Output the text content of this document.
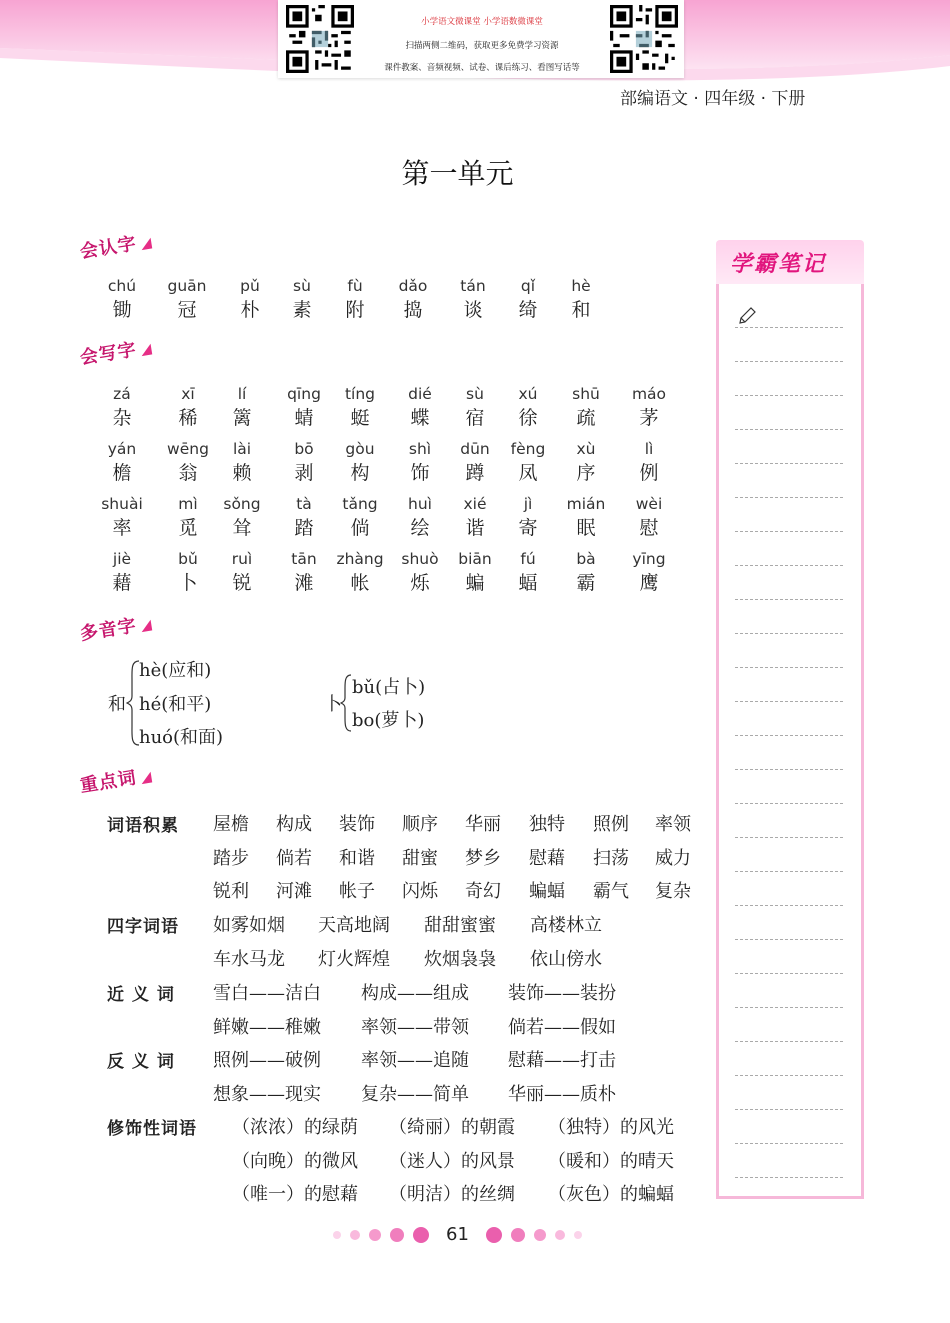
小学语文微课堂 小学语数微课堂
扫描两侧二维码，获取更多免费学习资源
课件教案、音频视频、试卷、课后练习、看图写话等
部编语文 · 四年级 · 下册
第一单元
会认字◢
chú
锄
guān
冠
pǔ
朴
sù
素
fù
附
dǎo
捣
tán
谈
qǐ
绮
hè
和
会写字◢
zá
杂
xī
稀
lí
篱
qīng
蜻
tíng
蜓
dié
蝶
sù
宿
xú
徐
shū
疏
máo
茅
yán
檐
wēng
翁
lài
赖
bō
剥
gòu
构
shì
饰
dūn
蹲
fèng
凤
xù
序
lì
例
shuài
率
mì
觅
sǒng
耸
tà
踏
tǎng
倘
huì
绘
xié
谐
jì
寄
mián
眠
wèi
慰
jiè
藉
bǔ
卜
ruì
锐
tān
滩
zhàng
帐
shuò
烁
biān
蝙
fú
蝠
bà
霸
yīng
鹰
多音字◢
和
hè(应和)
hé(和平)
huó(和面)
卜
bǔ(占卜)
bo(萝卜)
重点词◢
词语积累 屋檐 构成 装饰 顺序 华丽 独特 照例 率领
踏步 倘若 和谐 甜蜜 梦乡 慰藉 扫荡 威力
锐利 河滩 帐子 闪烁 奇幻 蝙蝠 霸气 复杂
四字词语 如雾如烟 天高地阔 甜甜蜜蜜 高楼林立
车水马龙 灯火辉煌 炊烟袅袅 依山傍水
近 义 词 雪白——洁白 构成——组成 装饰——装扮
鲜嫩——稚嫩 率领——带领 倘若——假如
反 义 词 照例——破例 率领——追随 慰藉——打击
想象——现实 复杂——简单 华丽——质朴
修饰性词语 （浓浓）的绿荫 （绮丽）的朝霞 （独特）的风光
（向晚）的微风 （迷人）的风景 （暖和）的晴天
（唯一）的慰藉 （明洁）的丝绸 （灰色）的蝙蝠
学霸笔记
61
